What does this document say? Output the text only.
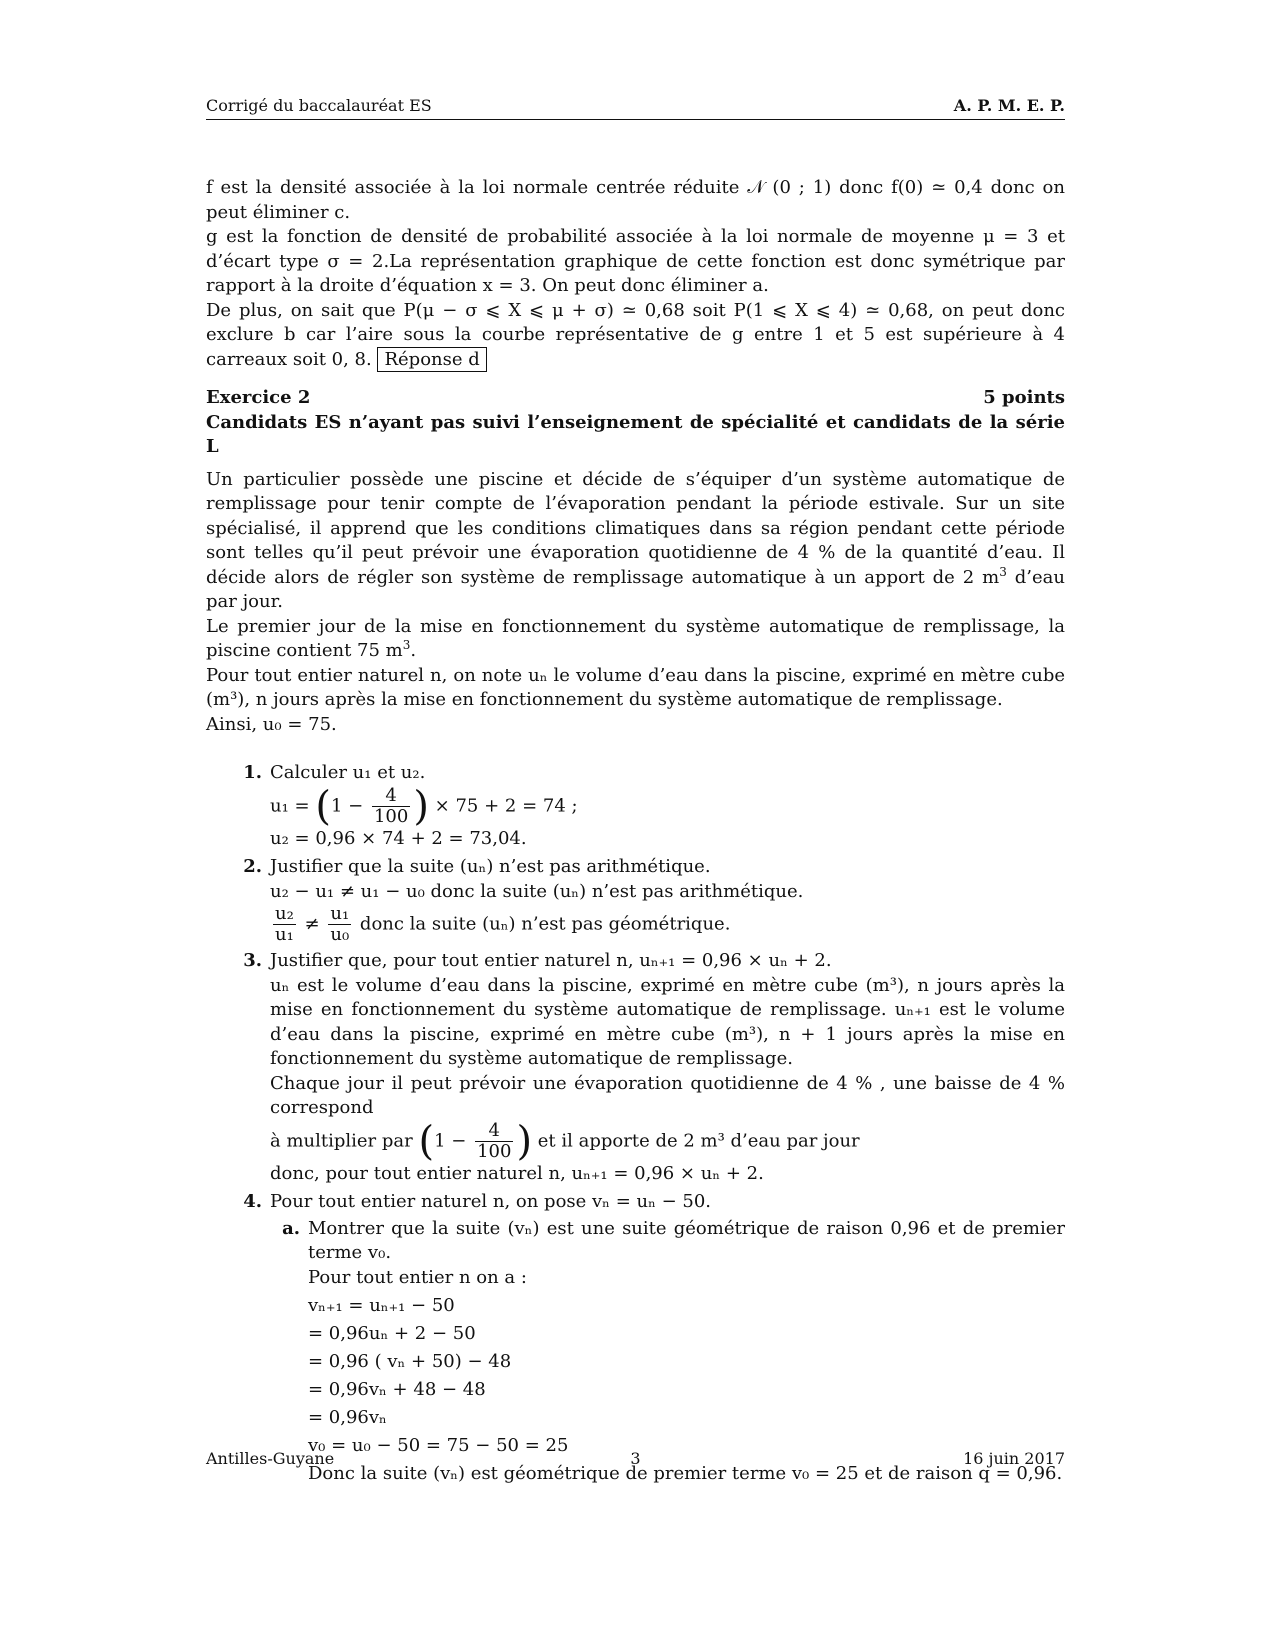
Corrigé du baccalauréat ES	A. P. M. E. P.
f est la densité associée à la loi normale centrée réduite 𝒩 (0 ; 1) donc f(0) ≃ 0,4 donc on peut éliminer c.
g est la fonction de densité de probabilité associée à la loi normale de moyenne μ = 3 et d’écart type σ = 2.La représentation graphique de cette fonction est donc symétrique par rapport à la droite d’équation x = 3. On peut donc éliminer a.
De plus, on sait que P(μ − σ ⩽ X ⩽ μ + σ) ≃ 0,68 soit P(1 ⩽ X ⩽ 4) ≃ 0,68, on peut donc exclure b car l’aire sous la courbe représentative de g entre 1 et 5 est supérieure à 4 carreaux soit 0, 8. Réponse d
Exercice 2	5 points
Candidats ES n’ayant pas suivi l’enseignement de spécialité et candidats de la série L
Un particulier possède une piscine et décide de s’équiper d’un système automatique de remplissage pour tenir compte de l’évaporation pendant la période estivale. Sur un site spécialisé, il apprend que les conditions climatiques dans sa région pendant cette période sont telles qu’il peut prévoir une évaporation quotidienne de 4 % de la quantité d’eau. Il décide alors de régler son système de remplissage automatique à un apport de 2 $m^3$ d’eau par jour.
Le premier jour de la mise en fonctionnement du système automatique de remplissage, la piscine contient 75 $m^3$.
Pour tout entier naturel n, on note uₙ le volume d’eau dans la piscine, exprimé en mètre cube (m³), n jours après la mise en fonctionnement du système automatique de remplissage.
Ainsi, u₀ = 75.
1. Calculer u₁ et u₂.
$u_1 = (1 - \frac{4}{100}$ ) × 75 + 2 = 74 ;
u₂ = 0,96 × 74 + 2 = 73,04.
2. Justifier que la suite (uₙ) n’est pas arithmétique.
u₂ − u₁ ≠ u₁ − u₀ donc la suite (uₙ) n’est pas arithmétique.
$\frac{\text{u₂}}{\text{u₁}} \ne \frac{\text{u₁}}{\text{u₀}}$ donc la suite (uₙ) n’est pas géométrique.
3. Justifier que, pour tout entier naturel n, uₙ₊₁ = 0,96 × uₙ + 2.
uₙ est le volume d’eau dans la piscine, exprimé en mètre cube (m³), n jours après la mise en fonctionnement du système automatique de remplissage. uₙ₊₁ est le volume d’eau dans la piscine, exprimé en mètre cube (m³), n + 1 jours après la mise en fonctionnement du système automatique de remplissage.
Chaque jour il peut prévoir une évaporation quotidienne de 4 % , une baisse de 4 % correspond
à multiplier par ($1 - \frac{4}{100}$ ) et il apporte de 2 m³ d’eau par jour
donc, pour tout entier naturel n, uₙ₊₁ = 0,96 × uₙ + 2.
4. Pour tout entier naturel n, on pose vₙ = uₙ − 50.
a. Montrer que la suite (vₙ) est une suite géométrique de raison 0,96 et de premier terme v₀.
Pour tout entier n on a :
vₙ₊₁ = uₙ₊₁ − 50
= 0,96uₙ + 2 − 50
= 0,96 ( vₙ + 50) − 48
= 0,96vₙ + 48 − 48
= 0,96vₙ
v₀ = u₀ − 50 = 75 − 50 = 25
Donc la suite (vₙ) est géométrique de premier terme v₀ = 25 et de raison q = 0,96.
Antilles-Guyane	3	16 juin 2017
